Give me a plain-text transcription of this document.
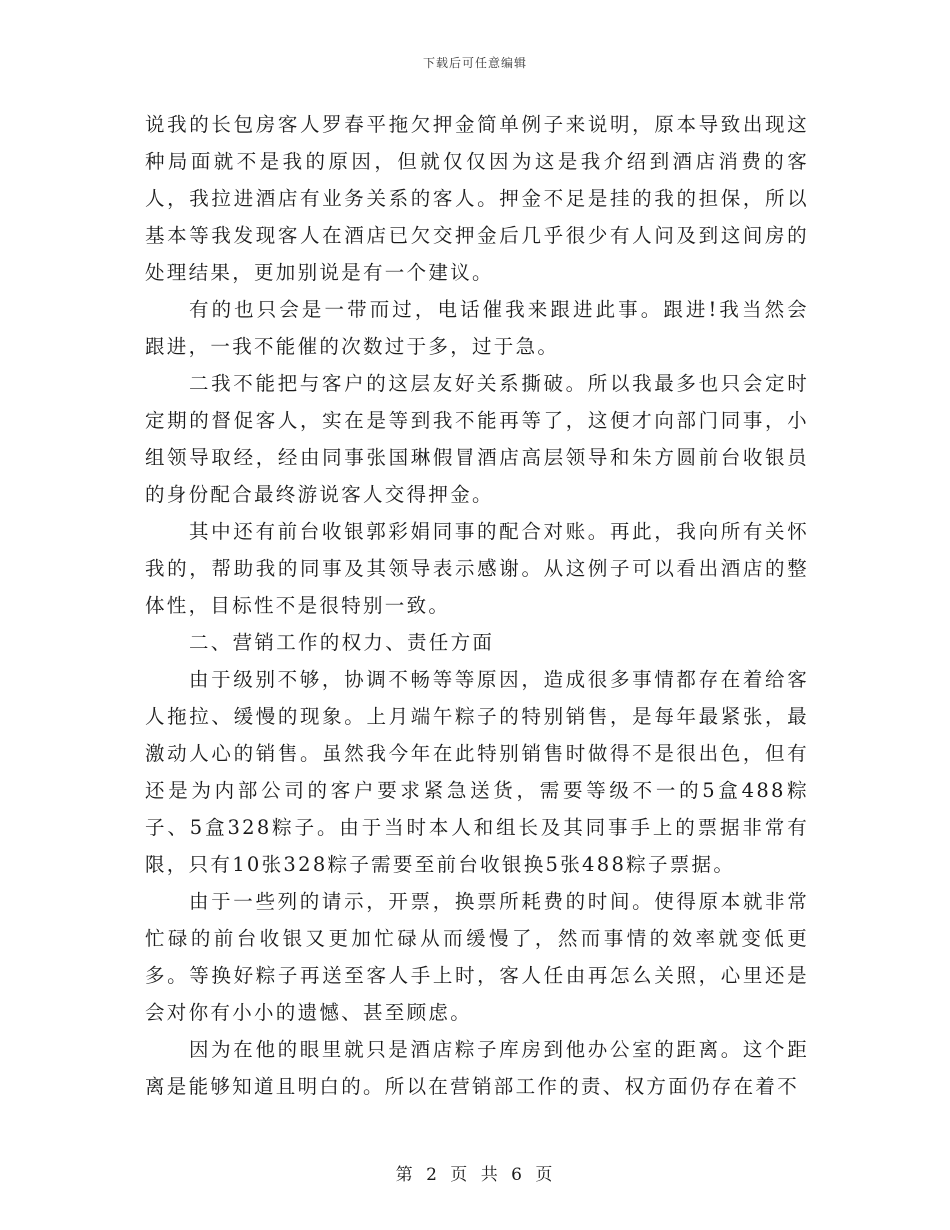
下载后可任意编辑

说我的长包房客人罗春平拖欠押金简单例子来说明，原本导致出现这种局面就不是我的原因，但就仅仅因为这是我介绍到酒店消费的客人，我拉进酒店有业务关系的客人。押金不足是挂的我的担保，所以基本等我发现客人在酒店已欠交押金后几乎很少有人问及到这间房的处理结果，更加别说是有一个建议。

有的也只会是一带而过，电话催我来跟进此事。跟进!我当然会跟进，一我不能催的次数过于多，过于急。

二我不能把与客户的这层友好关系撕破。所以我最多也只会定时定期的督促客人，实在是等到我不能再等了，这便才向部门同事，小组领导取经，经由同事张国琳假冒酒店高层领导和朱方圆前台收银员的身份配合最终游说客人交得押金。

其中还有前台收银郭彩娟同事的配合对账。再此，我向所有关怀我的，帮助我的同事及其领导表示感谢。从这例子可以看出酒店的整体性，目标性不是很特别一致。

二、营销工作的权力、责任方面

由于级别不够，协调不畅等等原因，造成很多事情都存在着给客人拖拉、缓慢的现象。上月端午粽子的特别销售，是每年最紧张，最激动人心的销售。虽然我今年在此特别销售时做得不是很出色，但有还是为内部公司的客户要求紧急送货，需要等级不一的5盒488粽子、5盒328粽子。由于当时本人和组长及其同事手上的票据非常有限，只有10张328粽子需要至前台收银换5张488粽子票据。

由于一些列的请示，开票，换票所耗费的时间。使得原本就非常忙碌的前台收银又更加忙碌从而缓慢了，然而事情的效率就变低更多。等换好粽子再送至客人手上时，客人任由再怎么关照，心里还是会对你有小小的遗憾、甚至顾虑。

因为在他的眼里就只是酒店粽子库房到他办公室的距离。这个距离是能够知道且明白的。所以在营销部工作的责、权方面仍存在着不

第 2 页 共 6 页
